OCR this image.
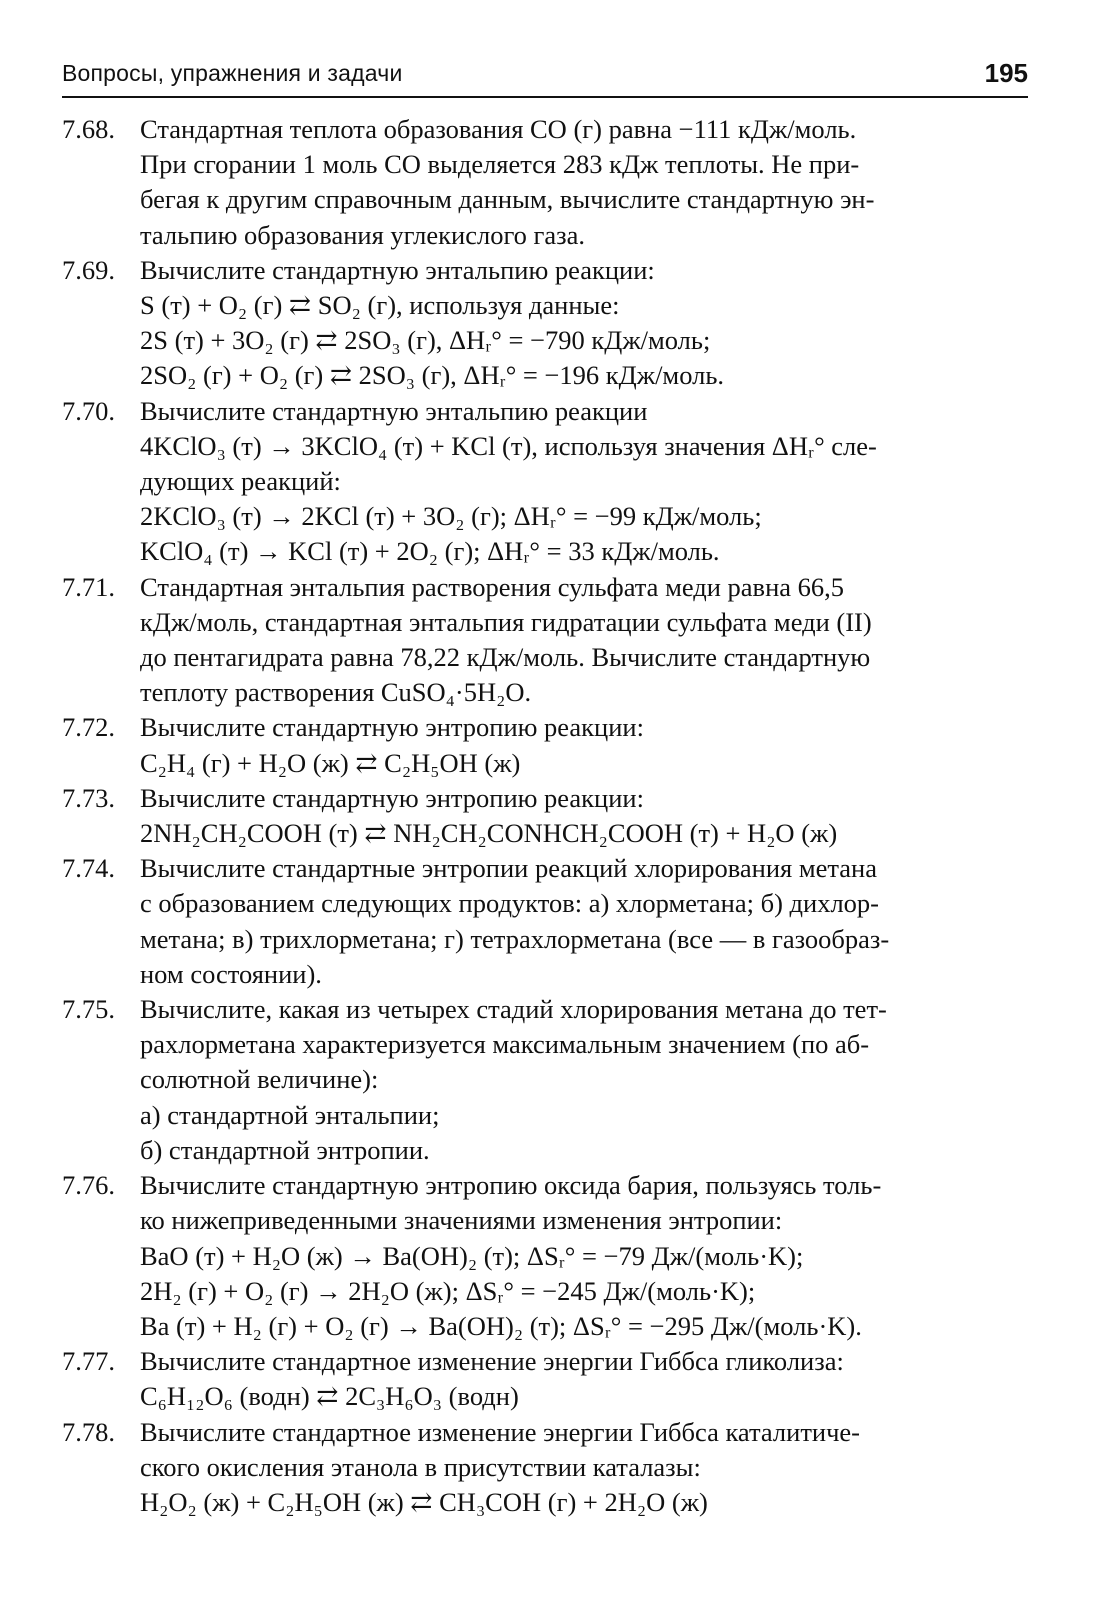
Вопросы, упражнения и задачи	195
7.68. Стандартная теплота образования CO (г) равна −111 кДж/моль.
При сгорании 1 моль CO выделяется 283 кДж теплоты. Не при-
бегая к другим справочным данным, вычислите стандартную эн-
тальпию образования углекислого газа.
7.69. Вычислите стандартную энтальпию реакции:
S (т) + O₂ (г) ⇄ SO₂ (г), используя данные:
2S (т) + 3O₂ (г) ⇄ 2SO₃ (г), ΔHᵣ° = −790 кДж/моль;
2SO₂ (г) + O₂ (г) ⇄ 2SO₃ (г), ΔHᵣ° = −196 кДж/моль.
7.70. Вычислите стандартную энтальпию реакции
4KClO₃ (т) → 3KClO₄ (т) + KCl (т), используя значения ΔHᵣ° сле-
дующих реакций:
2KClO₃ (т) → 2KCl (т) + 3O₂ (г); ΔHᵣ° = −99 кДж/моль;
KClO₄ (т) → KCl (т) + 2O₂ (г); ΔHᵣ° = 33 кДж/моль.
7.71. Стандартная энтальпия растворения сульфата меди равна 66,5
кДж/моль, стандартная энтальпия гидратации сульфата меди (II)
до пентагидрата равна 78,22 кДж/моль. Вычислите стандартную
теплоту растворения CuSO₄·5H₂O.
7.72. Вычислите стандартную энтропию реакции:
C₂H₄ (г) + H₂O (ж) ⇄ C₂H₅OH (ж)
7.73. Вычислите стандартную энтропию реакции:
2NH₂CH₂COOH (т) ⇄ NH₂CH₂CONHCH₂COOH (т) + H₂O (ж)
7.74. Вычислите стандартные энтропии реакций хлорирования метана
с образованием следующих продуктов: а) хлорметана; б) дихлор-
метана; в) трихлорметана; г) тетрахлорметана (все — в газообраз-
ном состоянии).
7.75. Вычислите, какая из четырех стадий хлорирования метана до тет-
рахлорметана характеризуется максимальным значением (по аб-
солютной величине):
а) стандартной энтальпии;
б) стандартной энтропии.
7.76. Вычислите стандартную энтропию оксида бария, пользуясь толь-
ко нижеприведенными значениями изменения энтропии:
BaO (т) + H₂O (ж) → Ba(OH)₂ (т); ΔSᵣ° = −79 Дж/(моль·K);
2H₂ (г) + O₂ (г) → 2H₂O (ж); ΔSᵣ° = −245 Дж/(моль·K);
Ba (т) + H₂ (г) + O₂ (г) → Ba(OH)₂ (т); ΔSᵣ° = −295 Дж/(моль·K).
7.77. Вычислите стандартное изменение энергии Гиббса гликолиза:
C₆H₁₂O₆ (водн) ⇄ 2C₃H₆O₃ (водн)
7.78. Вычислите стандартное изменение энергии Гиббса каталитиче-
ского окисления этанола в присутствии каталазы:
H₂O₂ (ж) + C₂H₅OH (ж) ⇄ CH₃COH (г) + 2H₂O (ж)
